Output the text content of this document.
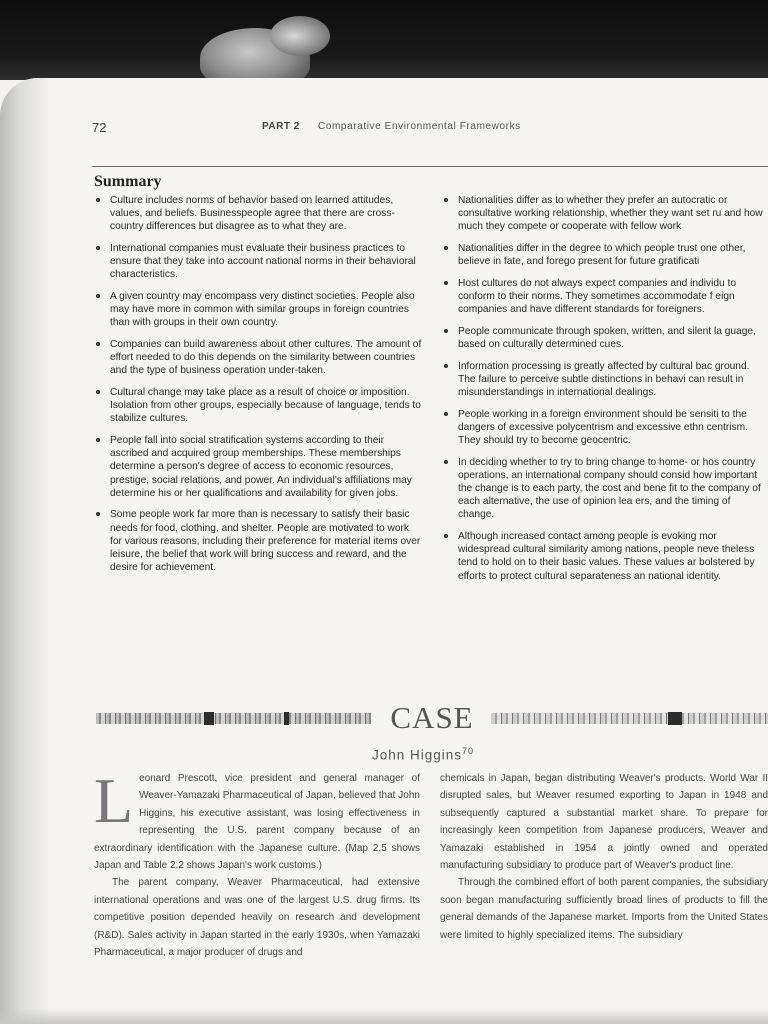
72	PART 2 Comparative Environmental Frameworks
Summary
Culture includes norms of behavior based on learned attitudes, values, and beliefs. Businesspeople agree that there are cross-country differences but disagree as to what they are.
International companies must evaluate their business practices to ensure that they take into account national norms in their behavioral characteristics.
A given country may encompass very distinct societies. People also may have more in common with similar groups in foreign countries than with groups in their own country.
Companies can build awareness about other cultures. The amount of effort needed to do this depends on the similarity between countries and the type of business operation under-taken.
Cultural change may take place as a result of choice or imposition. Isolation from other groups, especially because of language, tends to stabilize cultures.
People fall into social stratification systems according to their ascribed and acquired group memberships. These memberships determine a person's degree of access to economic resources, prestige, social relations, and power. An individual's affiliations may determine his or her qualifications and availability for given jobs.
Some people work far more than is necessary to satisfy their basic needs for food, clothing, and shelter. People are motivated to work for various reasons, including their preference for material items over leisure, the belief that work will bring success and reward, and the desire for achievement.
Nationalities differ as to whether they prefer an autocratic or consultative working relationship, whether they want set ru and how much they compete or cooperate with fellow work
Nationalities differ in the degree to which people trust one other, believe in fate, and forego present for future gratificati
Host cultures do not always expect companies and individu to conform to their norms. They sometimes accommodate f eign companies and have different standards for foreigners.
People communicate through spoken, written, and silent la guage, based on culturally determined cues.
Information processing is greatly affected by cultural bac ground. The failure to perceive subtle distinctions in behavi can result in misunderstandings in international dealings.
People working in a foreign environment should be sensiti to the dangers of excessive polycentrism and excessive ethn centrism. They should try to become geocentric.
In deciding whether to try to bring change to home- or hos country operations, an international company should consid how important the change is to each party, the cost and bene fit to the company of each alternative, the use of opinion lea ers, and the timing of change.
Although increased contact among people is evoking mor widespread cultural similarity among nations, people neve theless tend to hold on to their basic values. These values ar bolstered by efforts to protect cultural separateness an national identity.
CASE
John Higgins$^{70}$
L eonard Prescott, vice president and general manager of Weaver-Yamazaki Pharmaceutical of Japan, believed that John Higgins, his executive assistant, was losing effectiveness in representing the U.S. parent company because of an extraordinary identification with the Japanese culture. (Map 2.5 shows Japan and Table 2.2 shows Japan's work customs.)

The parent company, Weaver Pharmaceutical, had extensive international operations and was one of the largest U.S. drug firms. Its competitive position depended heavily on research and development (R&D). Sales activity in Japan started in the early 1930s, when Yamazaki Pharmaceutical, a major producer of drugs and

chemicals in Japan, began distributing Weaver's products. World War II disrupted sales, but Weaver resumed exporting to Japan in 1948 and subsequently captured a substantial market share. To prepare for increasingly keen competition from Japanese producers, Weaver and Yamazaki established in 1954 a jointly owned and operated manufacturing subsidiary to produce part of Weaver's product line.

Through the combined effort of both parent companies, the subsidiary soon began manufacturing sufficiently broad lines of products to fill the general demands of the Japanese market. Imports from the United States were limited to highly specialized items. The subsidiary
